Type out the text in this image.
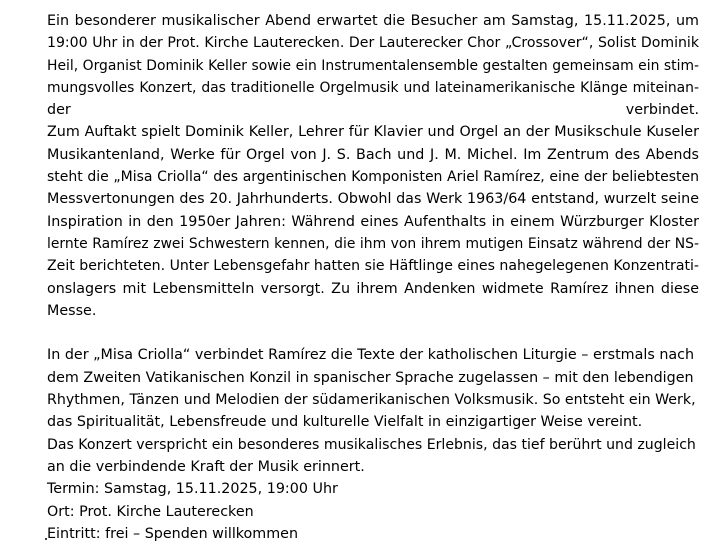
Ein besonderer musikalischer Abend erwartet die Besucher am Samstag, 15.11.2025, um
19:00 Uhr in der Prot. Kirche Lauterecken. Der Lauterecker Chor „Crossover“, Solist Dominik
Heil, Organist Dominik Keller sowie ein Instrumentalensemble gestalten gemeinsam ein stim-
mungsvolles Konzert, das traditionelle Orgelmusik und lateinamerikanische Klänge miteinan-
der	verbindet.
Zum Auftakt spielt Dominik Keller, Lehrer für Klavier und Orgel an der Musikschule Kuseler
Musikantenland, Werke für Orgel von J. S. Bach und J. M. Michel. Im Zentrum des Abends
steht die „Misa Criolla“ des argentinischen Komponisten Ariel Ramírez, eine der beliebtesten
Messvertonungen des 20. Jahrhunderts. Obwohl das Werk 1963/64 entstand, wurzelt seine
Inspiration in den 1950er Jahren: Während eines Aufenthalts in einem Würzburger Kloster
lernte Ramírez zwei Schwestern kennen, die ihm von ihrem mutigen Einsatz während der NS-
Zeit berichteten. Unter Lebensgefahr hatten sie Häftlinge eines nahegelegenen Konzentrati-
onslagers mit Lebensmitteln versorgt. Zu ihrem Andenken widmete Ramírez ihnen diese
Messe.
In der „Misa Criolla“ verbindet Ramírez die Texte der katholischen Liturgie – erstmals nach
dem Zweiten Vatikanischen Konzil in spanischer Sprache zugelassen – mit den lebendigen
Rhythmen, Tänzen und Melodien der südamerikanischen Volksmusik. So entsteht ein Werk,
das Spiritualität, Lebensfreude und kulturelle Vielfalt in einzigartiger Weise vereint.
Das Konzert verspricht ein besonderes musikalisches Erlebnis, das tief berührt und zugleich
an die verbindende Kraft der Musik erinnert.
Termin: Samstag, 15.11.2025, 19:00 Uhr
Ort: Prot. Kirche Lauterecken
Eintritt: frei – Spenden willkommen
